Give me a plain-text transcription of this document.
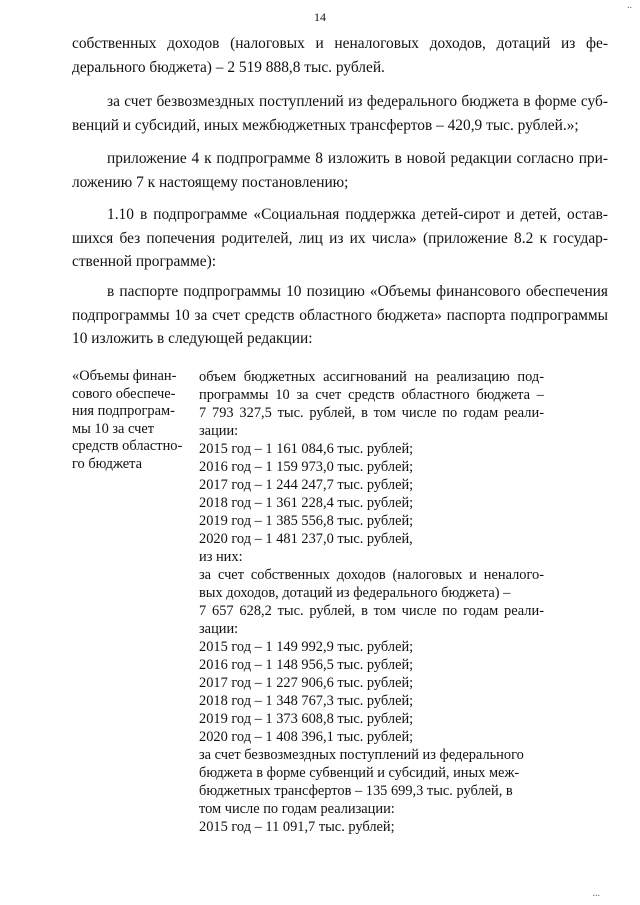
14
собственных доходов (налоговых и неналоговых доходов, дотаций из фе-
дерального бюджета) – 2 519 888,8 тыс. рублей.
за счет безвозмездных поступлений из федерального бюджета в форме суб-
венций и субсидий, иных межбюджетных трансфертов – 420,9 тыс. рублей.»;
приложение 4 к подпрограмме 8 изложить в новой редакции согласно при-
ложению 7 к настоящему постановлению;
1.10 в подпрограмме «Социальная поддержка детей-сирот и детей, остав-
шихся без попечения родителей, лиц из их числа» (приложение 8.2 к государ-
ственной программе):
в паспорте подпрограммы 10 позицию «Объемы финансового обеспечения
подпрограммы 10 за счет средств областного бюджета» паспорта подпрограммы
10 изложить в следующей редакции:
«Объемы финан-
сового обеспече-
ния подпрограм-
мы 10 за счет
средств областно-
го бюджета
объем бюджетных ассигнований на реализацию под-
программы 10 за счет средств областного бюджета –
7 793 327,5 тыс. рублей, в том числе по годам реали-
зации:
2015 год – 1 161 084,6 тыс. рублей;
2016 год – 1 159 973,0 тыс. рублей;
2017 год – 1 244 247,7 тыс. рублей;
2018 год – 1 361 228,4 тыс. рублей;
2019 год – 1 385 556,8 тыс. рублей;
2020 год – 1 481 237,0 тыс. рублей,
из них:
за счет собственных доходов (налоговых и неналого-
вых доходов, дотаций из федерального бюджета) –
7 657 628,2 тыс. рублей, в том числе по годам реали-
зации:
2015 год – 1 149 992,9 тыс. рублей;
2016 год – 1 148 956,5 тыс. рублей;
2017 год – 1 227 906,6 тыс. рублей;
2018 год – 1 348 767,3 тыс. рублей;
2019 год – 1 373 608,8 тыс. рублей;
2020 год – 1 408 396,1 тыс. рублей;
за счет безвозмездных поступлений из федерального
бюджета в форме субвенций и субсидий, иных меж-
бюджетных трансфертов – 135 699,3 тыс. рублей, в
том числе по годам реализации:
2015 год – 11 091,7 тыс. рублей;
..
...
